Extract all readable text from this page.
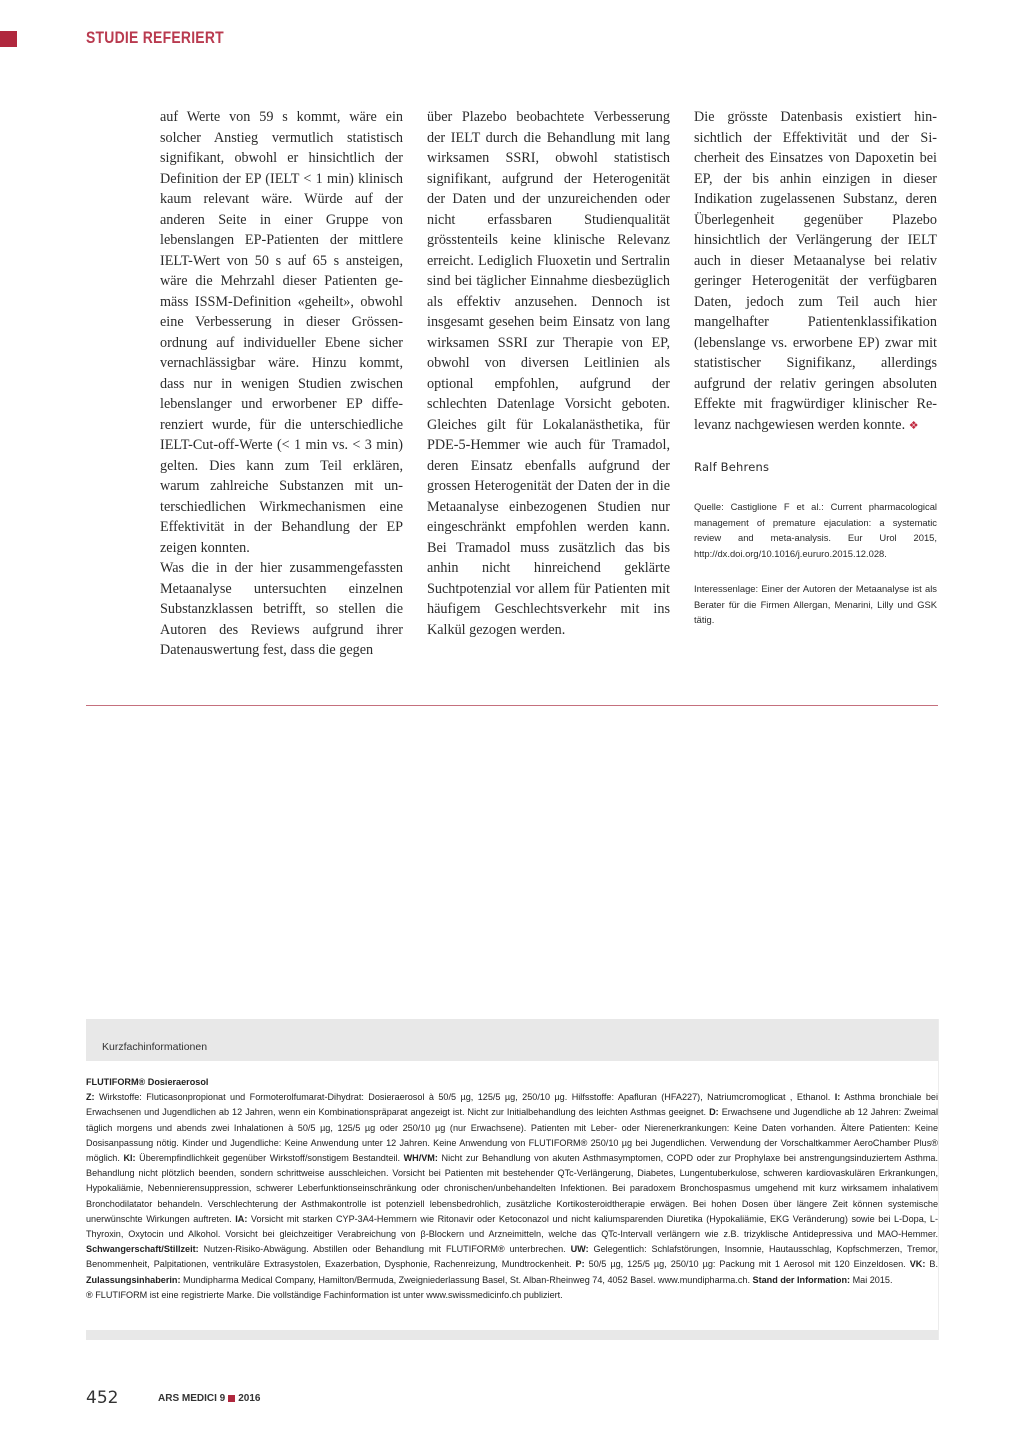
STUDIE REFERIERT

auf Werte von 59 s kommt, wäre ein solcher Anstieg vermutlich statistisch signifikant, obwohl er hinsichtlich der Definition der EP (IELT < 1 min) klinisch kaum relevant wäre. Würde auf der anderen Seite in einer Gruppe von lebenslangen EP-Patienten der mittlere IELT-Wert von 50 s auf 65 s ansteigen, wäre die Mehrzahl dieser Patienten gemäss ISSM-Definition «geheilt», obwohl eine Verbesserung in dieser Grössenordnung auf individueller Ebene sicher vernachlässigbar wäre. Hinzu kommt, dass nur in wenigen Studien zwischen lebenslanger und erworbener EP differenziert wurde, für die unterschiedliche IELT-Cut-off-Werte (< 1 min vs. < 3 min) gelten. Dies kann zum Teil erklären, warum zahlreiche Substanzen mit unterschiedlichen Wirkmechanismen eine Effektivität in der Behandlung der EP zeigen konnten.

Was die in der hier zusammengefassten Metaanalyse untersuchten einzelnen Substanzklassen betrifft, so stellen die Autoren des Reviews aufgrund ihrer Datenauswertung fest, dass die gegen

über Plazebo beobachtete Verbesserung der IELT durch die Behandlung mit lang wirksamen SSRI, obwohl statistisch signifikant, aufgrund der Heterogenität der Daten und der unzureichenden oder nicht erfassbaren Studienqualität grösstenteils keine klinische Relevanz erreicht. Lediglich Fluoxetin und Sertralin sind bei täglicher Einnahme diesbezüglich als effektiv anzusehen. Dennoch ist insgesamt gesehen beim Einsatz von lang wirksamen SSRI zur Therapie von EP, obwohl von diversen Leitlinien als optional empfohlen, aufgrund der schlechten Datenlage Vorsicht geboten. Gleiches gilt für Lokalanästhetika, für PDE-5-Hemmer wie auch für Tramadol, deren Einsatz ebenfalls aufgrund der grossen Heterogenität der Daten der in die Metaanalyse einbezogenen Studien nur eingeschränkt empfohlen werden kann. Bei Tramadol muss zusätzlich das bis anhin nicht hinreichend geklärte Suchtpotenzial vor allem für Patienten mit häufigem Geschlechtsverkehr mit ins Kalkül gezogen werden.

Die grösste Datenbasis existiert hinsichtlich der Effektivität und der Sicherheit des Einsatzes von Dapoxetin bei EP, der bis anhin einzigen in dieser Indikation zugelassenen Substanz, deren Überlegenheit gegenüber Plazebo hinsichtlich der Verlängerung der IELT auch in dieser Metaanalyse bei relativ geringer Heterogenität der verfügbaren Daten, jedoch zum Teil auch hier mangelhafter Patientenklassifikation (lebenslange vs. erworbene EP) zwar mit statistischer Signifikanz, allerdings aufgrund der relativ geringen absoluten Effekte mit fragwürdiger klinischer Relevanz nachgewiesen werden konnte. ❖

Ralf Behrens
Quelle: Castiglione F et al.: Current pharmacological management of premature ejaculation: a systematic review and meta-analysis. Eur Urol 2015, http://dx.doi.org/10.1016/j.eururo.2015.12.028.
Interessenlage: Einer der Autoren der Metaanalyse ist als Berater für die Firmen Allergan, Menarini, Lilly und GSK tätig.
Kurzfachinformationen

FLUTIFORM® Dosieraerosol

Z: Wirkstoffe: Fluticasonpropionat und Formoterolfumarat-Dihydrat: Dosieraerosol à 50/5 µg, 125/5 µg, 250/10 µg. Hilfsstoffe: Apafluran (HFA227), Natriumcromoglicat , Ethanol. I: Asthma bronchiale bei Erwachsenen und Jugendlichen ab 12 Jahren, wenn ein Kombinationspräparat angezeigt ist. Nicht zur Initialbehandlung des leichten Asthmas geeignet. D: Erwachsene und Jugendliche ab 12 Jahren: Zweimal täglich morgens und abends zwei Inhalationen à 50/5 µg, 125/5 µg oder 250/10 µg (nur Erwachsene). Patienten mit Leber- oder Nierenerkrankungen: Keine Daten vorhanden. Ältere Patienten: Keine Dosisanpassung nötig. Kinder und Jugendliche: Keine Anwendung unter 12 Jahren. Keine Anwendung von FLUTIFORM® 250/10 µg bei Jugendlichen. Verwendung der Vorschaltkammer AeroChamber Plus® möglich. KI: Überempfindlichkeit gegenüber Wirkstoff/sonstigem Bestandteil. WH/VM: Nicht zur Behandlung von akuten Asthmasymptomen, COPD oder zur Prophylaxe bei anstrengungsinduziertem Asthma. Behandlung nicht plötzlich beenden, sondern schrittweise ausschleichen. Vorsicht bei Patienten mit bestehender QTc-Verlängerung, Diabetes, Lungentuberkulose, schweren kardiovaskulären Erkrankungen, Hypokaliämie, Nebennierensuppression, schwerer Leberfunktionseinschränkung oder chronischen/unbehandelten Infektionen. Bei paradoxem Bronchospasmus umgehend mit kurz wirksamem inhalativem Bronchodilatator behandeln. Verschlechterung der Asthmakontrolle ist potenziell lebensbedrohlich, zusätzliche Kortikosteroidtherapie erwägen. Bei hohen Dosen über längere Zeit können systemische unerwünschte Wirkungen auftreten. IA: Vorsicht mit starken CYP-3A4-Hemmern wie Ritonavir oder Ketoconazol und nicht kaliumsparenden Diuretika (Hypokaliämie, EKG Veränderung) sowie bei L-Dopa, L-Thyroxin, Oxytocin und Alkohol. Vorsicht bei gleichzeitiger Verabreichung von β-Blockern und Arzneimitteln, welche das QTc-Intervall verlängern wie z.B. trizyklische Antidepressiva und MAO-Hemmer. Schwangerschaft/Stillzeit: Nutzen-Risiko-Abwägung. Abstillen oder Behandlung mit FLUTIFORM® unterbrechen. UW: Gelegentlich: Schlafstörungen, Insomnie, Hautausschlag, Kopfschmerzen, Tremor, Benommenheit, Palpitationen, ventrikuläre Extrasystolen, Exazerbation, Dysphonie, Rachenreizung, Mundtrockenheit. P: 50/5 µg, 125/5 µg, 250/10 µg: Packung mit 1 Aerosol mit 120 Einzeldosen. VK: B. Zulassungsinhaberin: Mundipharma Medical Company, Hamilton/Bermuda, Zweigniederlassung Basel, St. Alban-Rheinweg 74, 4052 Basel. www.mundipharma.ch. Stand der Information: Mai 2015.

® FLUTIFORM ist eine registrierte Marke. Die vollständige Fachinformation ist unter www.swissmedicinfo.ch publiziert.

452	ARS MEDICI 9 2016
